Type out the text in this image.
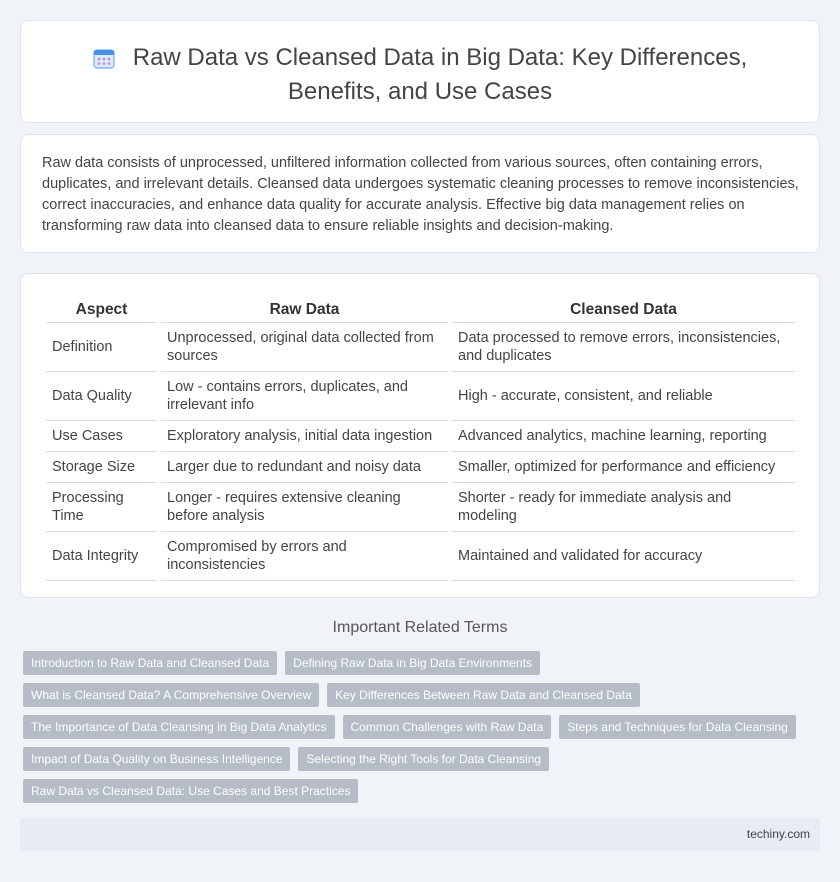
Raw Data vs Cleansed Data in Big Data: Key Differences, Benefits, and Use Cases

Raw data consists of unprocessed, unfiltered information collected from various sources, often containing errors, duplicates, and irrelevant details. Cleansed data undergoes systematic cleaning processes to remove inconsistencies, correct inaccuracies, and enhance data quality for accurate analysis. Effective big data management relies on transforming raw data into cleansed data to ensure reliable insights and decision-making.

Aspect	Raw Data	Cleansed Data
Definition	Unprocessed, original data collected from sources	Data processed to remove errors, inconsistencies, and duplicates
Data Quality	Low - contains errors, duplicates, and irrelevant info	High - accurate, consistent, and reliable
Use Cases	Exploratory analysis, initial data ingestion	Advanced analytics, machine learning, reporting
Storage Size	Larger due to redundant and noisy data	Smaller, optimized for performance and efficiency
Processing Time	Longer - requires extensive cleaning before analysis	Shorter - ready for immediate analysis and modeling
Data Integrity	Compromised by errors and inconsistencies	Maintained and validated for accuracy
Important Related Terms
Introduction to Raw Data and Cleansed Data	Defining Raw Data in Big Data Environments
What is Cleansed Data? A Comprehensive Overview	Key Differences Between Raw Data and Cleansed Data
The Importance of Data Cleansing in Big Data Analytics	Common Challenges with Raw Data	Steps and Techniques for Data Cleansing
Impact of Data Quality on Business Intelligence	Selecting the Right Tools for Data Cleansing
Raw Data vs Cleansed Data: Use Cases and Best Practices
techiny.com
